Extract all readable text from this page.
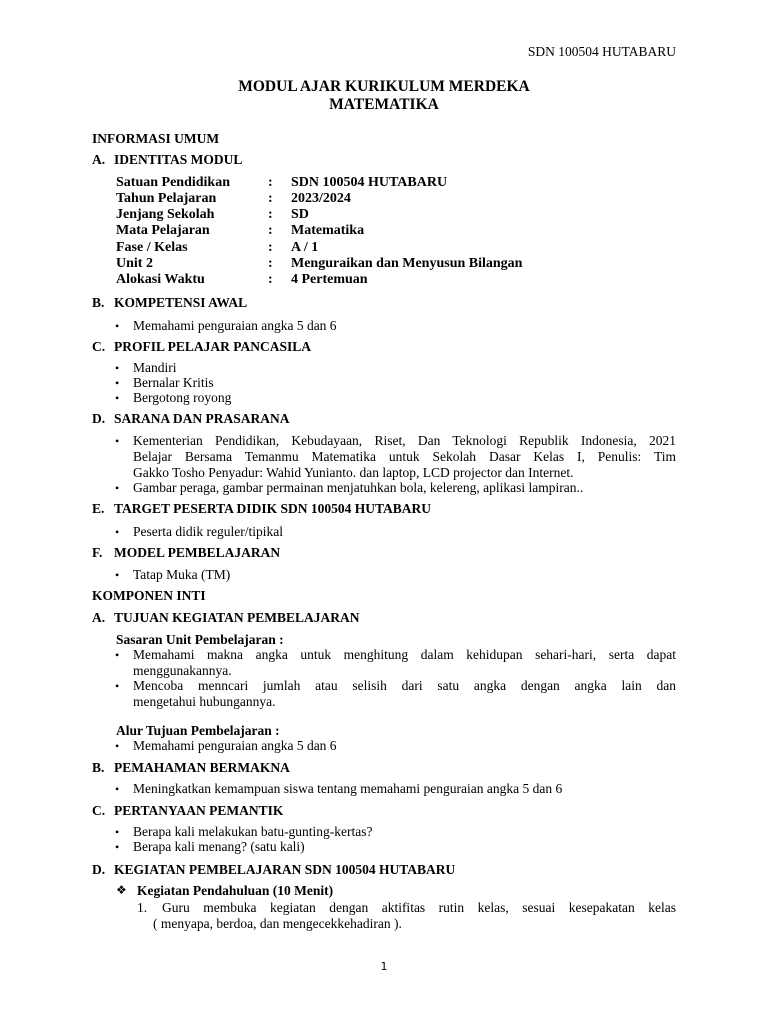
SDN 100504 HUTABARU
MODUL AJAR KURIKULUM MERDEKA
MATEMATIKA
INFORMASI UMUM
A. IDENTITAS MODUL
Satuan Pendidikan	: SDN 100504 HUTABARU
Tahun Pelajaran	: 2023/2024
Jenjang Sekolah	: SD
Mata Pelajaran	: Matematika
Fase / Kelas	: A / 1
Unit 2	: Menguraikan dan Menyusun Bilangan
Alokasi Waktu	: 4 Pertemuan
B. KOMPETENSI AWAL
• Memahami penguraian angka 5 dan 6
C. PROFIL PELAJAR PANCASILA
• Mandiri
• Bernalar Kritis
• Bergotong royong
D. SARANA DAN PRASARANA
• Kementerian Pendidikan, Kebudayaan, Riset, Dan Teknologi Republik Indonesia, 2021
Belajar Bersama Temanmu Matematika untuk Sekolah Dasar Kelas I, Penulis: Tim
Gakko Tosho Penyadur: Wahid Yunianto. dan laptop, LCD projector dan Internet.
• Gambar peraga, gambar permainan menjatuhkan bola, kelereng, aplikasi lampiran..
E. TARGET PESERTA DIDIK SDN 100504 HUTABARU
• Peserta didik reguler/tipikal
F. MODEL PEMBELAJARAN
• Tatap Muka (TM)
KOMPONEN INTI
A. TUJUAN KEGIATAN PEMBELAJARAN
Sasaran Unit Pembelajaran :
• Memahami makna angka untuk menghitung dalam kehidupan sehari-hari, serta dapat
menggunakannya.
• Mencoba menncari jumlah atau selisih dari satu angka dengan angka lain dan
mengetahui hubungannya.
Alur Tujuan Pembelajaran :
• Memahami penguraian angka 5 dan 6
B. PEMAHAMAN BERMAKNA
• Meningkatkan kemampuan siswa tentang memahami penguraian angka 5 dan 6
C. PERTANYAAN PEMANTIK
• Berapa kali melakukan batu-gunting-kertas?
• Berapa kali menang? (satu kali)
D. KEGIATAN PEMBELAJARAN SDN 100504 HUTABARU
❖ Kegiatan Pendahuluan (10 Menit)
1. Guru membuka kegiatan dengan aktifitas rutin kelas, sesuai kesepakatan kelas
( menyapa, berdoa, dan mengecekkehadiran ).
1
